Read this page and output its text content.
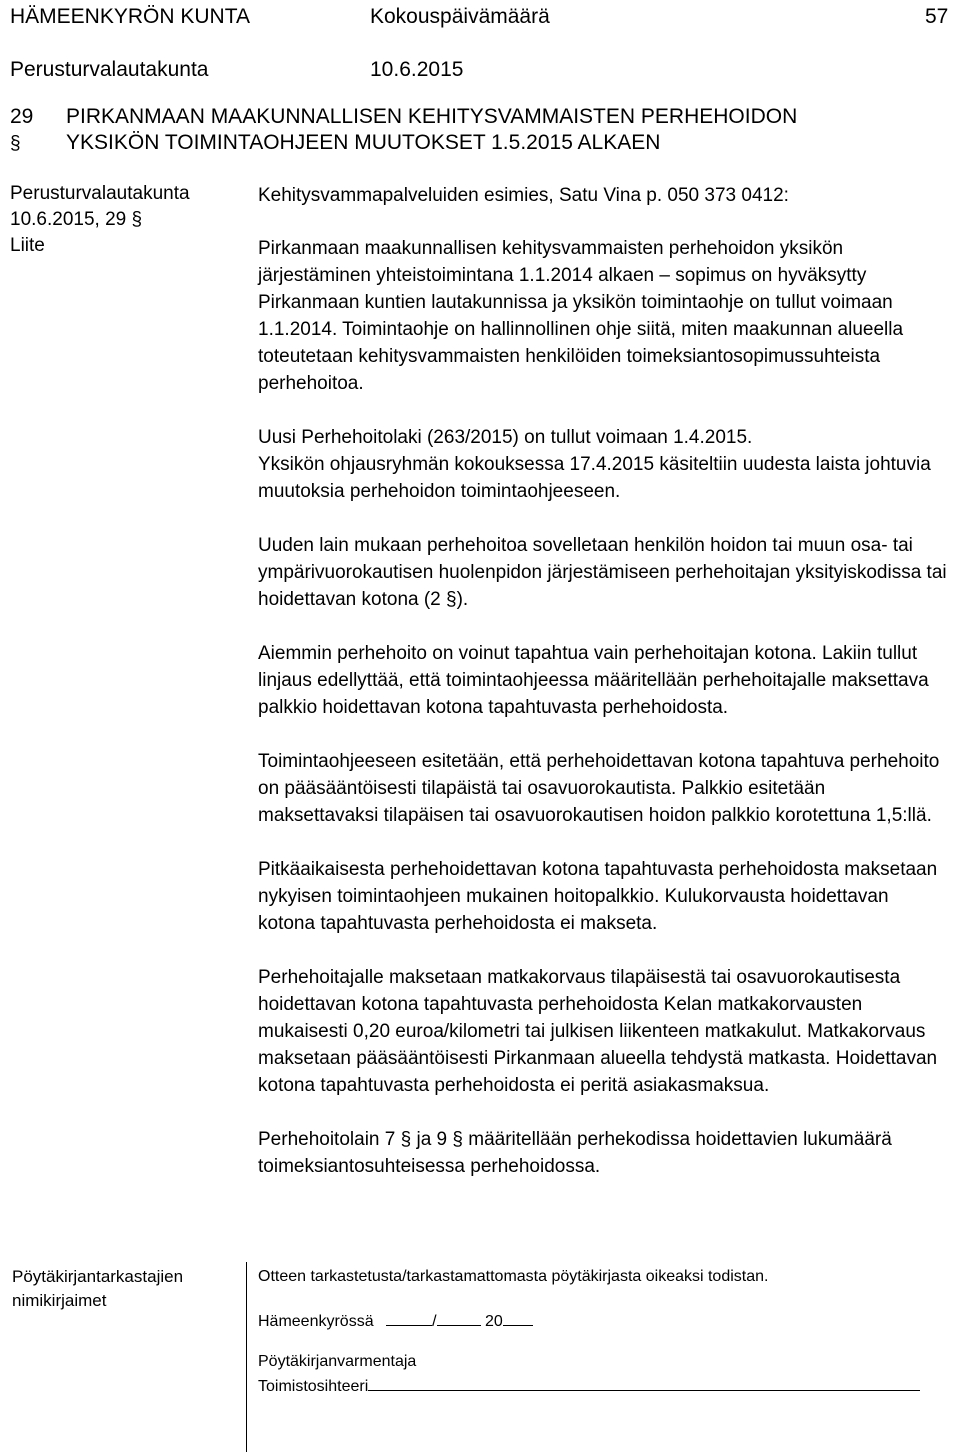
HÄMEENKYRÖN KUNTA	Kokouspäivämäärä	57
Perusturvalautakunta	10.6.2015
29 §
PIRKANMAAN MAAKUNNALLISEN KEHITYSVAMMAISTEN PERHEHOIDON
YKSIKÖN TOIMINTAOHJEEN MUUTOKSET 1.5.2015 ALKAEN
Perusturvalautakunta
10.6.2015, 29 §
Liite

Kehitysvammapalveluiden esimies, Satu Vina p. 050 373 0412:

Pirkanmaan maakunnallisen kehitysvammaisten perhehoidon yksikön järjestäminen yhteistoimintana 1.1.2014 alkaen – sopimus on hyväksytty Pirkanmaan kuntien lautakunnissa ja yksikön toimintaohje on tullut voimaan 1.1.2014. Toimintaohje on hallinnollinen ohje siitä, miten maakunnan alueella toteutetaan kehitysvammaisten henkilöiden toimeksiantosopimussuhteista perhehoitoa.

Uusi Perhehoitolaki (263/2015) on tullut voimaan 1.4.2015.

Yksikön ohjausryhmän kokouksessa 17.4.2015 käsiteltiin uudesta laista johtuvia muutoksia perhehoidon toimintaohjeeseen.

Uuden lain mukaan perhehoitoa sovelletaan henkilön hoidon tai muun osa- tai ympärivuorokautisen huolenpidon järjestämiseen perhehoitajan yksityiskodissa tai hoidettavan kotona (2 §).

Aiemmin perhehoito on voinut tapahtua vain perhehoitajan kotona. Lakiin tullut linjaus edellyttää, että toimintaohjeessa määritellään perhehoitajalle maksettava palkkio hoidettavan kotona tapahtuvasta perhehoidosta.

Toimintaohjeeseen esitetään, että perhehoidettavan kotona tapahtuva perhehoito on pääsääntöisesti tilapäistä tai osavuorokautista. Palkkio esitetään maksettavaksi tilapäisen tai osavuorokautisen hoidon palkkio korotettuna 1,5:llä.

Pitkäaikaisesta perhehoidettavan kotona tapahtuvasta perhehoidosta maksetaan nykyisen toimintaohjeen mukainen hoitopalkkio. Kulukorvausta hoidettavan kotona tapahtuvasta perhehoidosta ei makseta.

Perhehoitajalle maksetaan matkakorvaus tilapäisestä tai osavuorokautisesta hoidettavan kotona tapahtuvasta perhehoidosta Kelan matkakorvausten mukaisesti 0,20 euroa/kilometri tai julkisen liikenteen matkakulut. Matkakorvaus maksetaan pääsääntöisesti Pirkanmaan alueella tehdystä matkasta. Hoidettavan kotona tapahtuvasta perhehoidosta ei peritä asiakasmaksua.

Perhehoitolain 7 § ja 9 § määritellään perhekodissa hoidettavien lukumäärä toimeksiantosuhteisessa perhehoidossa.

Pöytäkirjantarkastajien
nimikirjaimet
Otteen tarkastetusta/tarkastamattomasta pöytäkirjasta oikeaksi todistan.
Hämeenkyrössä	/	20
Pöytäkirjanvarmentaja
Toimistosihteeri
